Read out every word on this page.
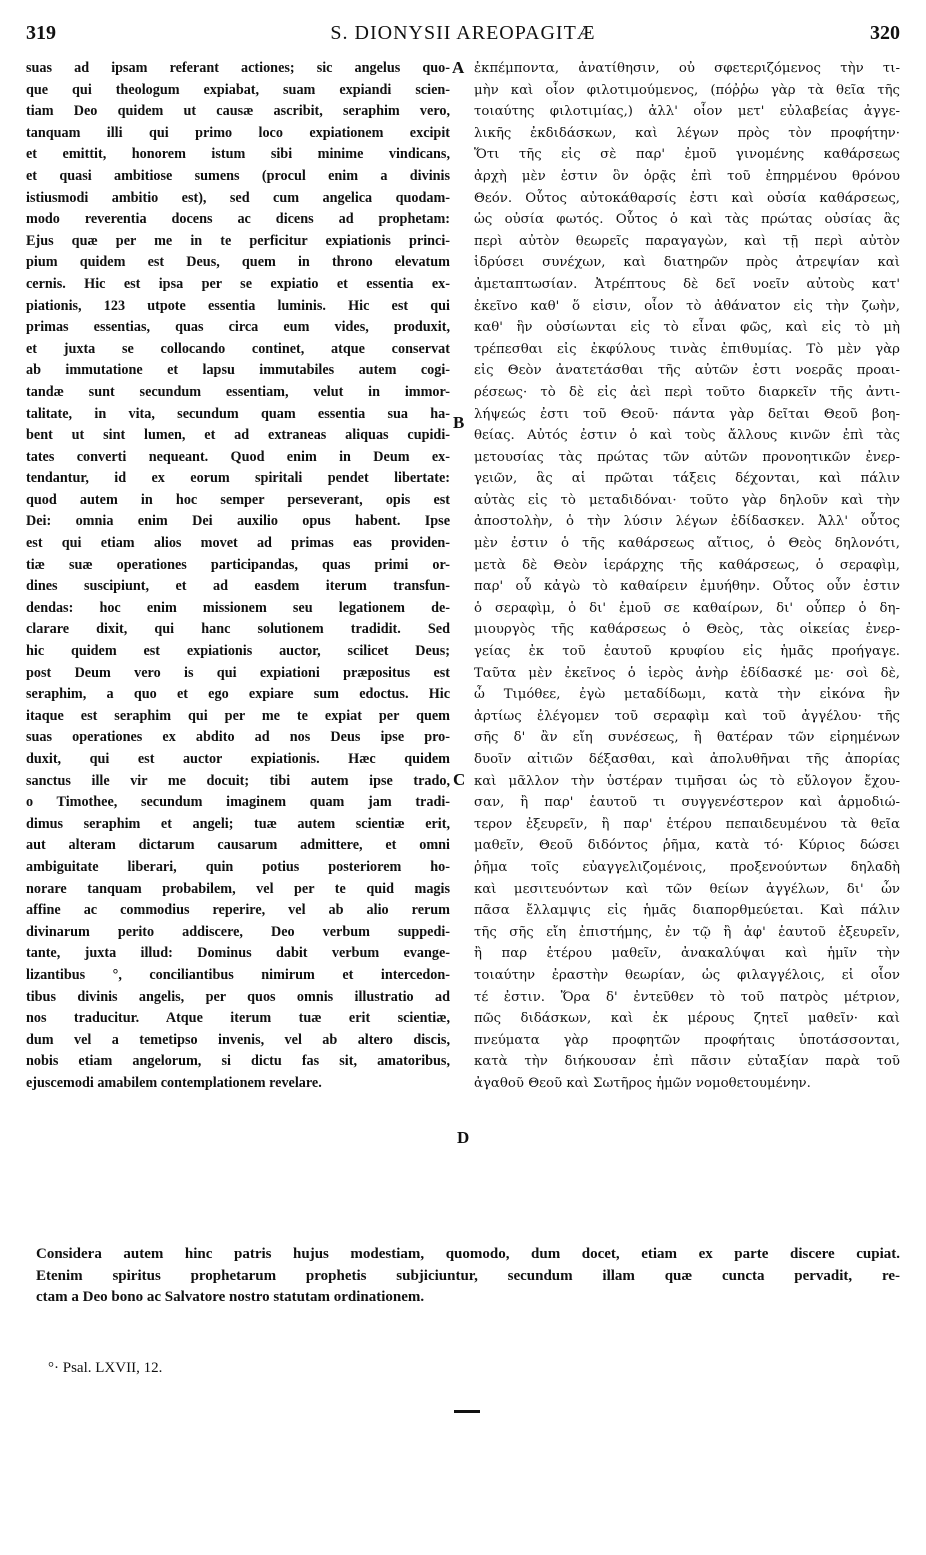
319	S. DIONYSII AREOPAGITÆ	320
suas ad ipsam referant actiones; sic angelus quo-
que qui theologum expiabat, suam expiandi scien-
tiam Deo quidem ut causæ ascribit, seraphim vero,
tanquam illi qui primo loco expiationem excipit
et emittit, honorem istum sibi minime vindicans,
et quasi ambitiose sumens (procul enim a divinis
istiusmodi ambitio est), sed cum angelica quodam-
modo reverentia docens ac dicens ad prophetam:
Ejus quæ per me in te perficitur expiationis princi-
pium quidem est Deus, quem in throno elevatum
cernis. Hic est ipsa per se expiatio et essentia ex-
piationis, 123 utpote essentia luminis. Hic est qui
primas essentias, quas circa eum vides, produxit,
et juxta se collocando continet, atque conservat
ab immutatione et lapsu immutabiles autem cogi-
tandæ sunt secundum essentiam, velut in immor-
talitate, in vita, secundum quam essentia sua ha-
bent ut sint lumen, et ad extraneas aliquas cupidi-
tates converti nequeant. Quod enim in Deum ex-
tendantur, id ex eorum spiritali pendet libertate:
quod autem in hoc semper perseverant, opis est
Dei: omnia enim Dei auxilio opus habent. Ipse
est qui etiam alios movet ad primas eas providen-
tiæ suæ operationes participandas, quas primi or-
dines suscipiunt, et ad easdem iterum transfun-
dendas: hoc enim missionem seu legationem de-
clarare dixit, qui hanc solutionem tradidit. Sed
hic quidem est expiationis auctor, scilicet Deus;
post Deum vero is qui expiationi præpositus est
seraphim, a quo et ego expiare sum edoctus. Hic
itaque est seraphim qui per me te expiat per quem
suas operationes ex abdito ad nos Deus ipse pro-
duxit, qui est auctor expiationis. Hæc quidem
sanctus ille vir me docuit; tibi autem ipse trado,
o Timothee, secundum imaginem quam jam tradi-
dimus seraphim et angeli; tuæ autem scientiæ erit,
aut alteram dictarum causarum admittere, et omni
ambiguitate liberari, quin potius posteriorem ho-
norare tanquam probabilem, vel per te quid magis
affine ac commodius reperire, vel ab alio rerum
divinarum perito addiscere, Deo verbum suppedi-
tante, juxta illud: Dominus dabit verbum evange-
lizantibus °, conciliantibus nimirum et intercedon-
tibus divinis angelis, per quos omnis illustratio ad
nos traducitur. Atque iterum tuæ erit scientiæ,
dum vel a temetipso invenis, vel ab altero discis,
nobis etiam angelorum, si dictu fas sit, amatoribus,
ejuscemodi amabilem contemplationem revelare.
ἐκπέμποντα, ἀνατίθησιν, οὐ σφετεριζόμενος τὴν τι-
μὴν καὶ οἷον φιλοτιμούμενος, (πόῤῥω γὰρ τὰ θεῖα τῆς
τοιαύτης φιλοτιμίας,) ἀλλ' οἷον μετ' εὐλαβείας ἀγγε-
λικῆς ἐκδιδάσκων, καὶ λέγων πρὸς τὸν προφήτην·
Ὅτι τῆς εἰς σὲ παρ' ἐμοῦ γινομένης καθάρσεως
ἀρχὴ μὲν ἐστιν ὃν ὁρᾷς ἐπὶ τοῦ ἐπηρμένου θρόνου
Θεόν. Οὗτος αὐτοκάθαρσίς ἐστι καὶ οὐσία καθάρσεως,
ὡς οὐσία φωτός. Οὗτος ὁ καὶ τὰς πρώτας οὐσίας ἃς
περὶ αὐτὸν θεωρεῖς παραγαγὼν, καὶ τῇ περὶ αὐτὸν
ἱδρύσει συνέχων, καὶ διατηρῶν πρὸς ἀτρεψίαν καὶ
ἀμεταπτωσίαν. Ἀτρέπτους δὲ δεῖ νοεῖν αὐτοὺς κατ'
ἐκεῖνο καθ' ὅ εἰσιν, οἷον τὸ ἀθάνατον εἰς τὴν ζωὴν,
καθ' ἣν οὐσίωνται εἰς τὸ εἶναι φῶς, καὶ εἰς τὸ μὴ
τρέπεσθαι εἰς ἐκφύλους τινὰς ἐπιθυμίας. Τὸ μὲν γὰρ
εἰς Θεὸν ἀνατετάσθαι τῆς αὐτῶν ἐστι νοερᾶς προαι-
ρέσεως· τὸ δὲ εἰς ἀεὶ περὶ τοῦτο διαρκεῖν τῆς ἀντι-
λήψεώς ἐστι τοῦ Θεοῦ· πάντα γὰρ δεῖται Θεοῦ βοη-
θείας. Αὐτός ἐστιν ὁ καὶ τοὺς ἄλλους κινῶν ἐπὶ τὰς
μετουσίας τὰς πρώτας τῶν αὐτῶν προνοητικῶν ἐνερ-
γειῶν, ἃς αἱ πρῶται τάξεις δέχονται, καὶ πάλιν
αὐτὰς εἰς τὸ μεταδιδόναι· τοῦτο γὰρ δηλοῦν καὶ τὴν
ἀποστολὴν, ὁ τὴν λύσιν λέγων ἐδίδασκεν. Ἀλλ' οὗτος
μὲν ἐστιν ὁ τῆς καθάρσεως αἴτιος, ὁ Θεὸς δηλονότι,
μετὰ δὲ Θεὸν ἱεράρχης τῆς καθάρσεως, ὁ σεραφὶμ,
παρ' οὗ κἀγὼ τὸ καθαίρειν ἐμυήθην. Οὗτος οὖν ἐστιν
ὁ σεραφὶμ, ὁ δι' ἐμοῦ σε καθαίρων, δι' οὗπερ ὁ δη-
μιουργὸς τῆς καθάρσεως ὁ Θεὸς, τὰς οἰκείας ἐνερ-
γείας ἐκ τοῦ ἑαυτοῦ κρυφίου εἰς ἡμᾶς προήγαγε.
Ταῦτα μὲν ἐκεῖνος ὁ ἱερὸς ἀνὴρ ἐδίδασκέ με· σοὶ δὲ,
ὦ Τιμόθεε, ἐγὼ μεταδίδωμι, κατὰ τὴν εἰκόνα ἣν
ἀρτίως ἐλέγομεν τοῦ σεραφὶμ καὶ τοῦ ἀγγέλου· τῆς
σῆς δ' ἂν εἴη συνέσεως, ἢ θατέραν τῶν εἰρημένων
δυοῖν αἰτιῶν δέξασθαι, καὶ ἀπολυθῆναι τῆς ἀπορίας
καὶ μᾶλλον τὴν ὑστέραν τιμῆσαι ὡς τὸ εὔλογον ἔχου-
σαν, ἢ παρ' ἑαυτοῦ τι συγγενέστερον καὶ ἁρμοδιώ-
τερον ἐξευρεῖν, ἢ παρ' ἑτέρου πεπαιδευμένου τὰ θεῖα
μαθεῖν, Θεοῦ διδόντος ῥῆμα, κατὰ τό· Κύριος δώσει
ῥῆμα τοῖς εὐαγγελιζομένοις, προξενούντων δηλαδὴ
καὶ μεσιτευόντων καὶ τῶν θείων ἀγγέλων, δι' ὧν
πᾶσα ἔλλαμψις εἰς ἡμᾶς διαπορθμεύεται. Καὶ πάλιν
τῆς σῆς εἴη ἐπιστήμης, ἐν τῷ ἢ ἀφ' ἑαυτοῦ ἐξευρεῖν,
ἢ παρ ἑτέρου μαθεῖν, ἀνακαλύψαι καὶ ἡμῖν τὴν
τοιαύτην ἐραστὴν θεωρίαν, ὡς φιλαγγέλοις, εἰ οἷον
τέ ἐστιν. Ὅρα δ' ἐντεῦθεν τὸ τοῦ πατρὸς μέτριον,
πῶς διδάσκων, καὶ ἐκ μέρους ζητεῖ μαθεῖν· καὶ
πνεύματα γὰρ προφητῶν προφήταις ὑποτάσσονται,
κατὰ τὴν διήκουσαν ἐπὶ πᾶσιν εὐταξίαν παρὰ τοῦ
ἀγαθοῦ Θεοῦ καὶ Σωτῆρος ἡμῶν νομοθετουμένην.
A
B
C
D
Considera autem hinc patris hujus modestiam, quomodo, dum docet, etiam ex parte discere cupiat.
Etenim spiritus prophetarum prophetis subjiciuntur, secundum illam quæ cuncta pervadit, re-
ctam a Deo bono ac Salvatore nostro statutam ordinationem.
°· Psal. LXVII, 12.
